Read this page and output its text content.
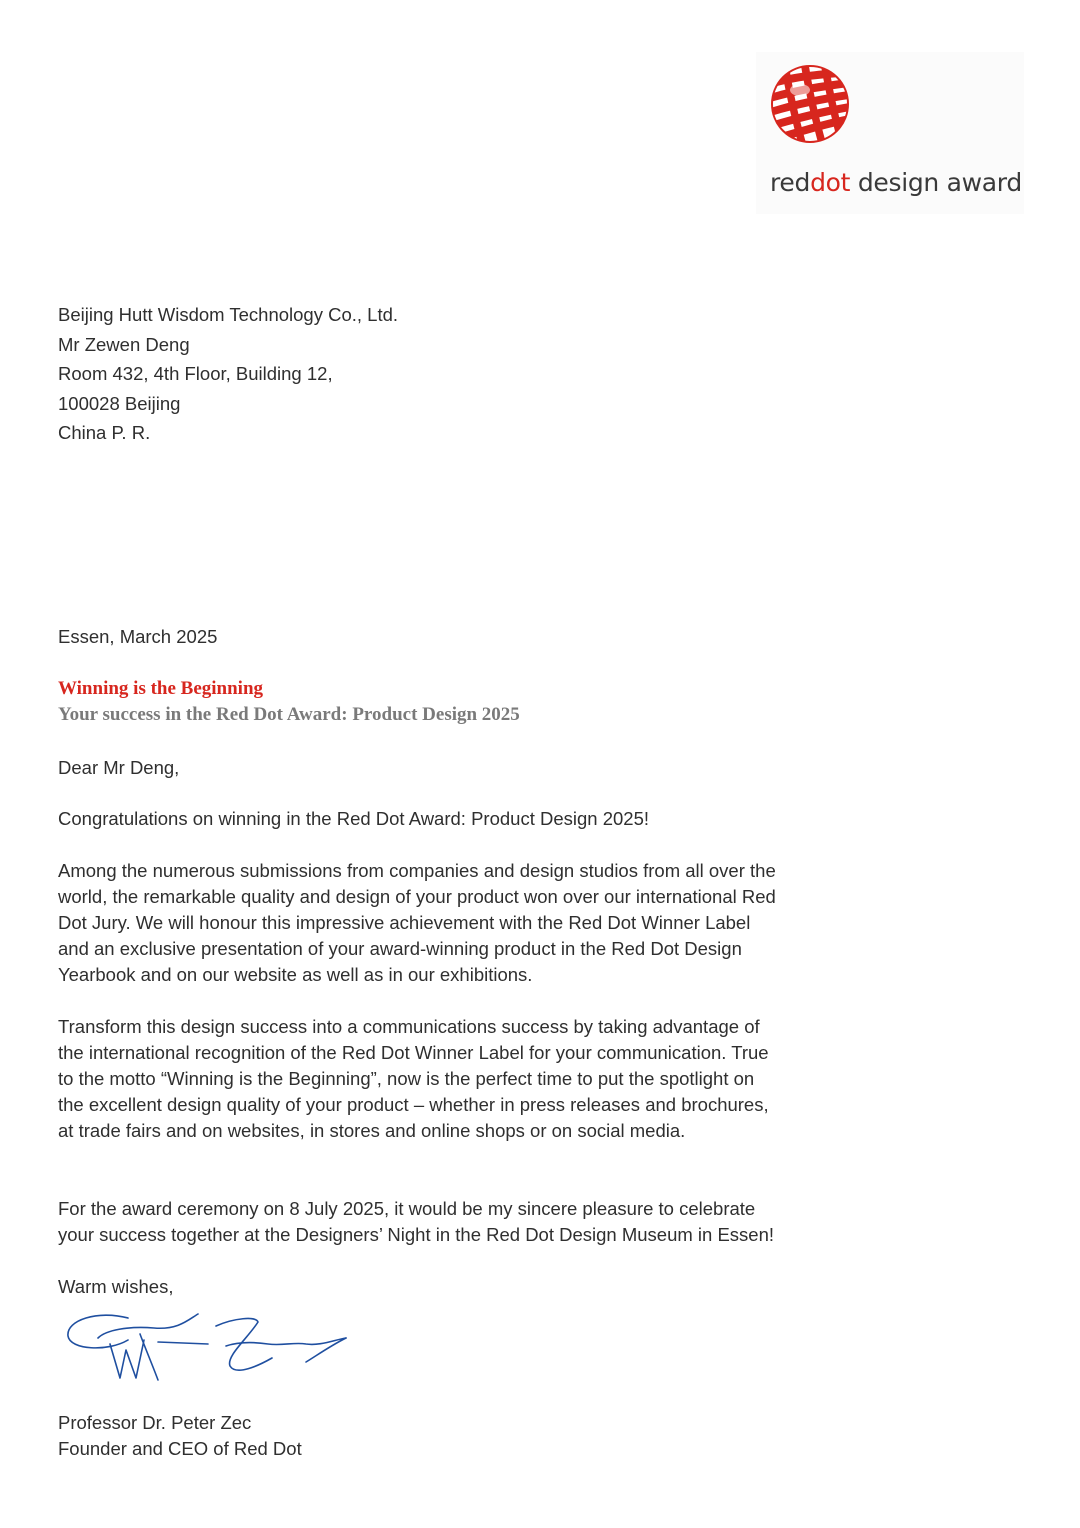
reddot design award
Beijing Hutt Wisdom Technology Co., Ltd.
Mr Zewen Deng
Room 432, 4th Floor, Building 12,
100028 Beijing
China P. R.
Essen, March 2025
Winning is the Beginning
Your success in the Red Dot Award: Product Design 2025
Dear Mr Deng,
Congratulations on winning in the Red Dot Award: Product Design 2025!
Among the numerous submissions from companies and design studios from all over the world, the remarkable quality and design of your product won over our international Red Dot Jury. We will honour this impressive achievement with the Red Dot Winner Label and an exclusive presentation of your award-winning product in the Red Dot Design Yearbook and on our website as well as in our exhibitions.
Transform this design success into a communications success by taking advantage of the international recognition of the Red Dot Winner Label for your communication. True to the motto “Winning is the Beginning”, now is the perfect time to put the spotlight on the excellent design quality of your product – whether in press releases and brochures, at trade fairs and on websites, in stores and online shops or on social media.
For the award ceremony on 8 July 2025, it would be my sincere pleasure to celebrate your success together at the Designers’ Night in the Red Dot Design Museum in Essen!
Warm wishes,
Professor Dr. Peter Zec
Founder and CEO of Red Dot
